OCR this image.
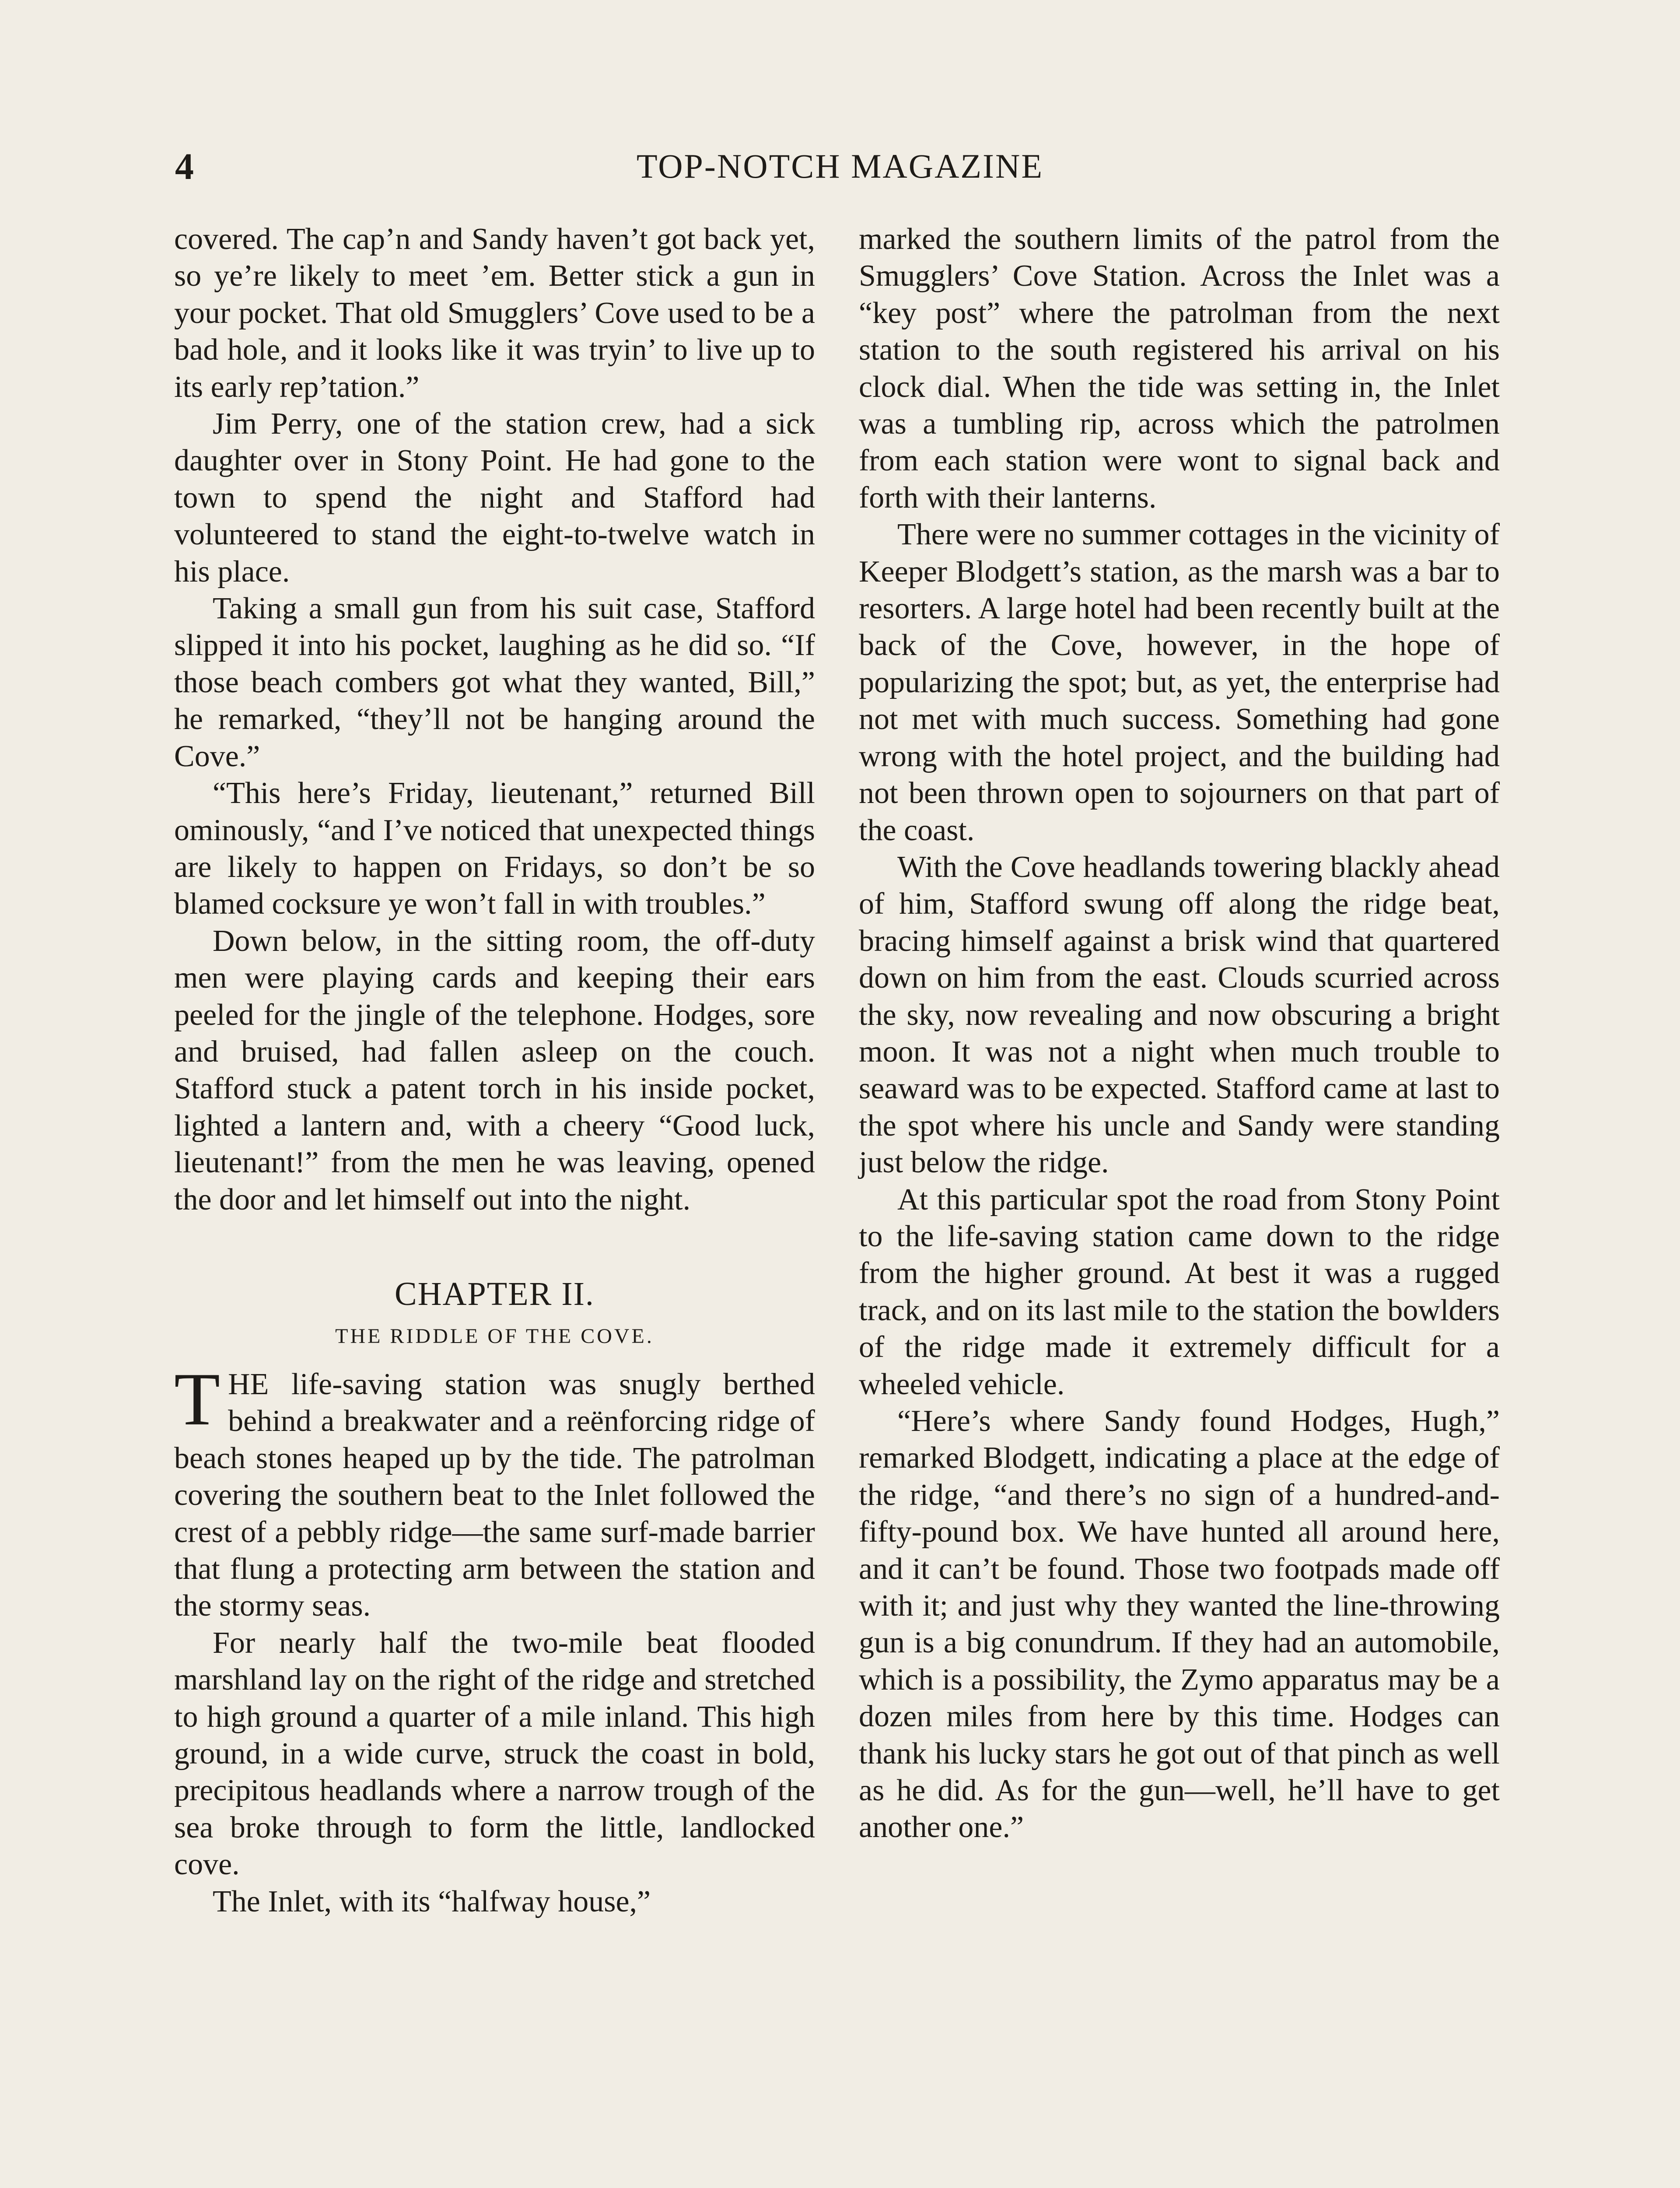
4	TOP-NOTCH MAGAZINE

covered. The cap’n and Sandy haven’t got back yet, so ye’re likely to meet ’em. Better stick a gun in your pocket. That old Smugglers’ Cove used to be a bad hole, and it looks like it was tryin’ to live up to its early rep’tation.”

Jim Perry, one of the station crew, had a sick daughter over in Stony Point. He had gone to the town to spend the night and Stafford had volunteered to stand the eight-to-twelve watch in his place.

Taking a small gun from his suit case, Stafford slipped it into his pocket, laughing as he did so. “If those beach combers got what they wanted, Bill,” he remarked, “they’ll not be hanging around the Cove.”

“This here’s Friday, lieutenant,” returned Bill ominously, “and I’ve noticed that unexpected things are likely to happen on Fridays, so don’t be so blamed cocksure ye won’t fall in with troubles.”

Down below, in the sitting room, the off-duty men were playing cards and keeping their ears peeled for the jingle of the telephone. Hodges, sore and bruised, had fallen asleep on the couch. Stafford stuck a patent torch in his inside pocket, lighted a lantern and, with a cheery “Good luck, lieutenant!” from the men he was leaving, opened the door and let himself out into the night.

CHAPTER II.
THE RIDDLE OF THE COVE.

THE life-saving station was snugly berthed behind a breakwater and a reënforcing ridge of beach stones heaped up by the tide. The patrolman covering the southern beat to the Inlet followed the crest of a pebbly ridge—the same surf-made barrier that flung a protecting arm between the station and the stormy seas.

For nearly half the two-mile beat flooded marshland lay on the right of the ridge and stretched to high ground a quarter of a mile inland. This high ground, in a wide curve, struck the coast in bold, precipitous headlands where a narrow trough of the sea broke through to form the little, landlocked cove.

The Inlet, with its “halfway house,”

marked the southern limits of the patrol from the Smugglers’ Cove Station. Across the Inlet was a “key post” where the patrolman from the next station to the south registered his arrival on his clock dial. When the tide was setting in, the Inlet was a tumbling rip, across which the patrolmen from each station were wont to signal back and forth with their lanterns.

There were no summer cottages in the vicinity of Keeper Blodgett’s station, as the marsh was a bar to resorters. A large hotel had been recently built at the back of the Cove, however, in the hope of popularizing the spot; but, as yet, the enterprise had not met with much success. Something had gone wrong with the hotel project, and the building had not been thrown open to sojourners on that part of the coast.

With the Cove headlands towering blackly ahead of him, Stafford swung off along the ridge beat, bracing himself against a brisk wind that quartered down on him from the east. Clouds scurried across the sky, now revealing and now obscuring a bright moon. It was not a night when much trouble to seaward was to be expected. Stafford came at last to the spot where his uncle and Sandy were standing just below the ridge.

At this particular spot the road from Stony Point to the life-saving station came down to the ridge from the higher ground. At best it was a rugged track, and on its last mile to the station the bowlders of the ridge made it extremely difficult for a wheeled vehicle.

“Here’s where Sandy found Hodges, Hugh,” remarked Blodgett, indicating a place at the edge of the ridge, “and there’s no sign of a hundred-and-fifty-pound box. We have hunted all around here, and it can’t be found. Those two footpads made off with it; and just why they wanted the line-throwing gun is a big conundrum. If they had an automobile, which is a possibility, the Zymo apparatus may be a dozen miles from here by this time. Hodges can thank his lucky stars he got out of that pinch as well as he did. As for the gun—well, he’ll have to get another one.”
